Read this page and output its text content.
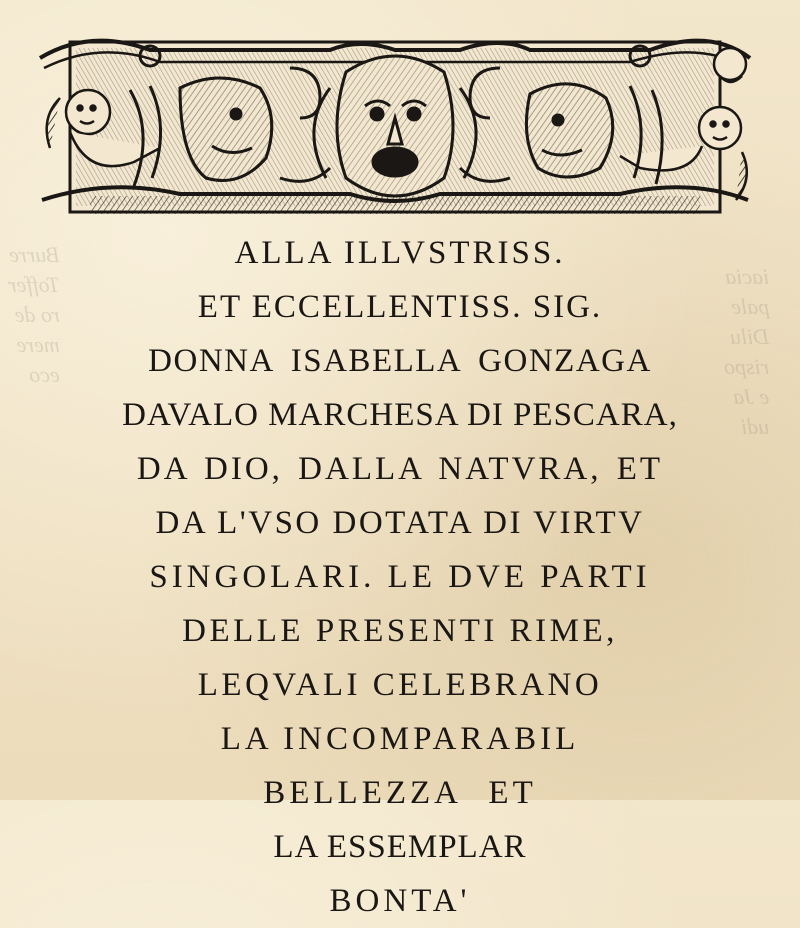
Burre
Toffer
ro de
mere
eco
iacia
pale
Dilu
rispo
e Ja
udi
ALLA ILLVSTRISS.
ET ECCELLENTISS. SIG.
DONNA ISABELLA GONZAGA
DAVALO MARCHESA DI PESCARA,
DA DIO, DALLA NATVRA, ET
DA L'VSO DOTATA DI VIRTV
SINGOLARI. LE DVE PARTI
DELLE PRESENTI RIME,
LEQVALI CELEBRANO
LA INCOMPARABIL
BELLEZZA ET
LA ESSEMPLAR
BONTA'
